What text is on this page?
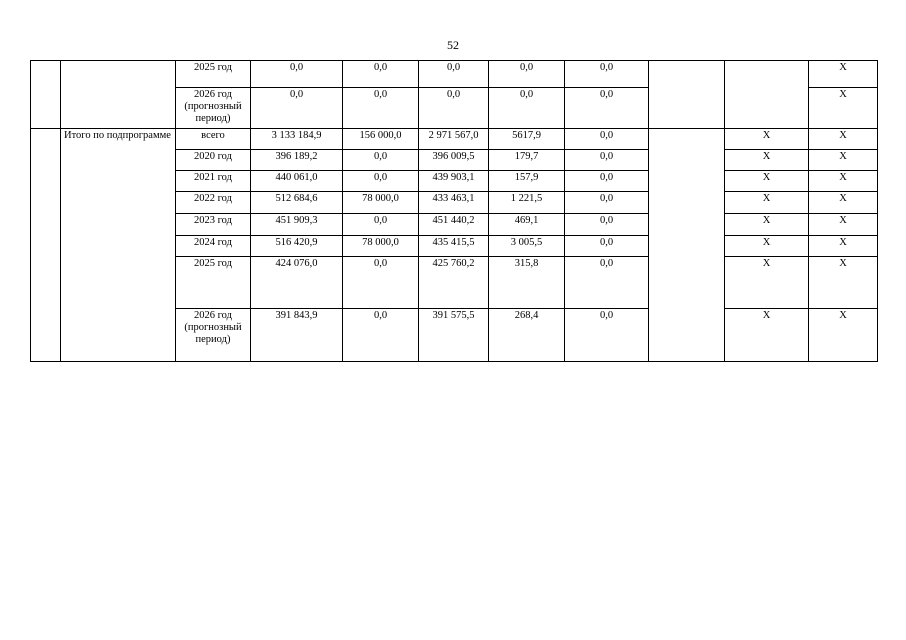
52
		2025 год	0,0	0,0	0,0	0,0	0,0			Х
		2026 год (прогнозный период)	0,0	0,0	0,0	0,0	0,0			Х
	Итого по подпрограмме	всего	3 133 184,9	156 000,0	2 971 567,0	5617,9	0,0		Х	Х
		2020 год	396 189,2	0,0	396 009,5	179,7	0,0		Х	Х
		2021 год	440 061,0	0,0	439 903,1	157,9	0,0		Х	Х
		2022 год	512 684,6	78 000,0	433 463,1	1 221,5	0,0		Х	Х
		2023 год	451 909,3	0,0	451 440,2	469,1	0,0		Х	Х
		2024 год	516 420,9	78 000,0	435 415,5	3 005,5	0,0		Х	Х
		2025 год	424 076,0	0,0	425 760,2	315,8	0,0		Х	Х
		2026 год (прогнозный период)	391 843,9	0,0	391 575,5	268,4	0,0		Х	Х
